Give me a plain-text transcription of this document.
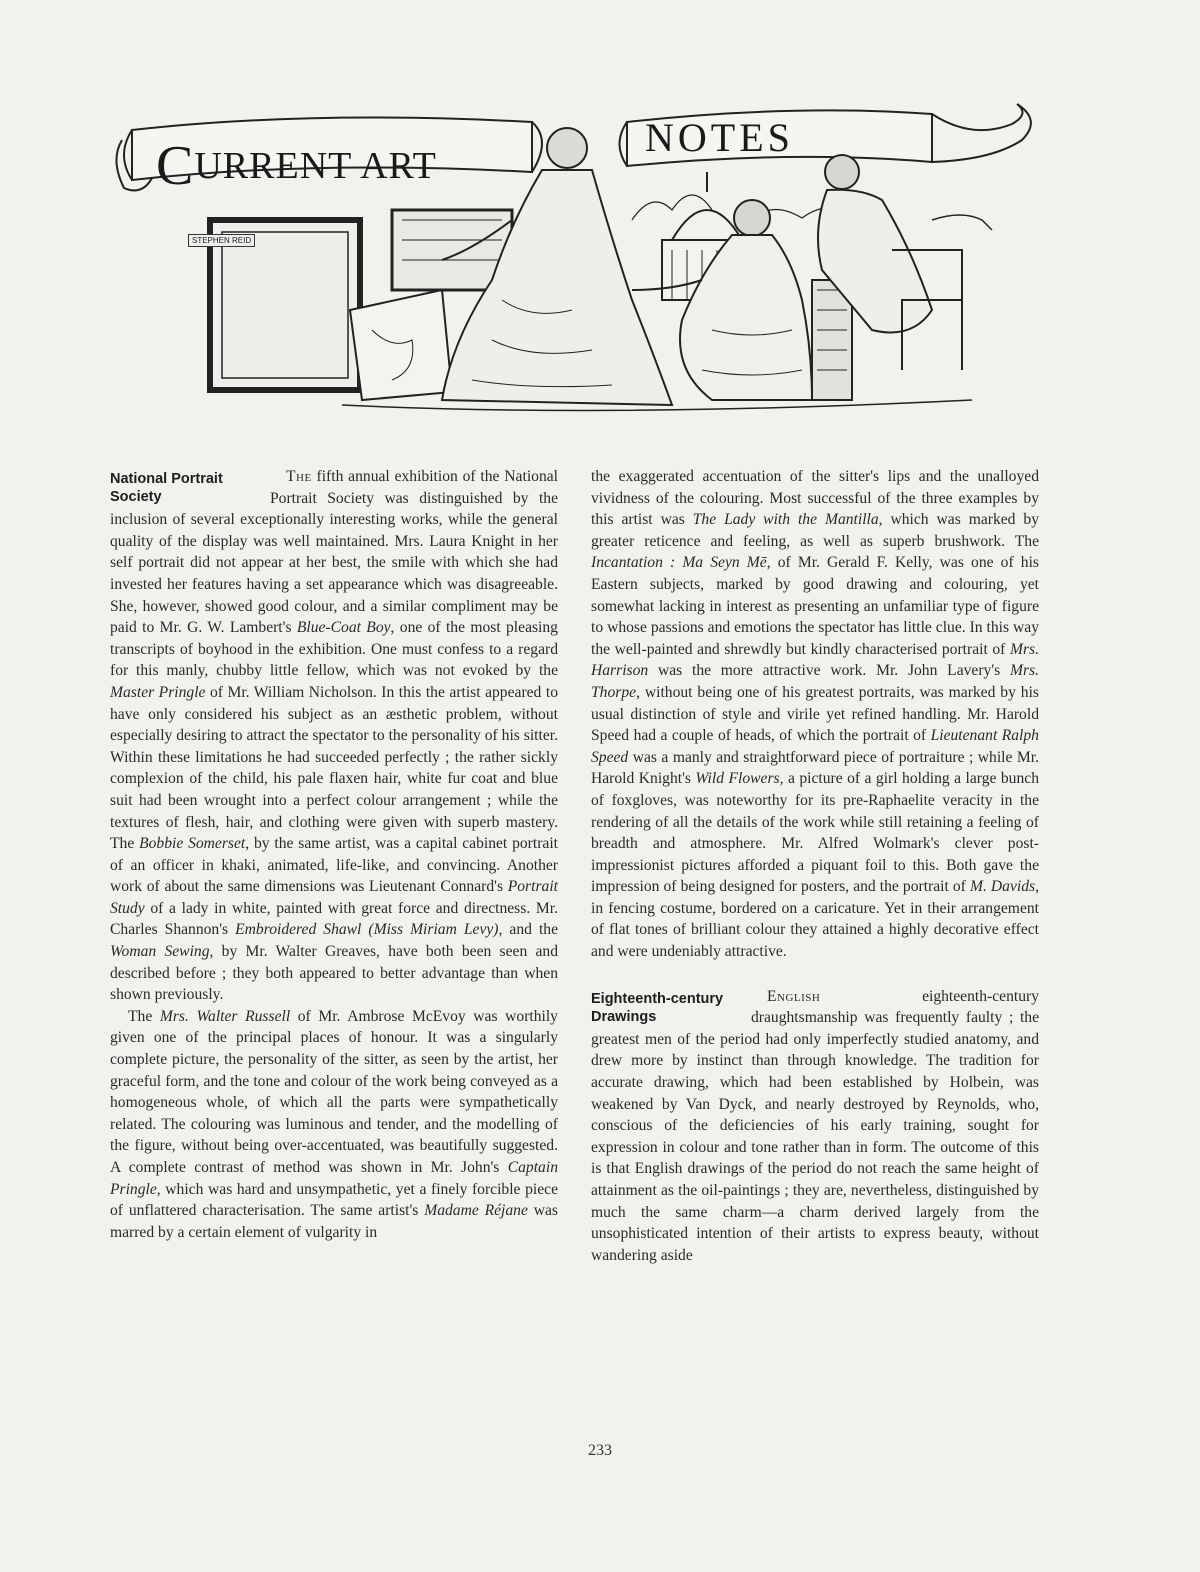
CURRENT ART
NOTES
STEPHEN REID

The
National Portrait Society
fifth annual exhibition of the National Portrait Society was distinguished by the inclusion of several exceptionally interesting works, while the general quality of the display was well maintained. Mrs. Laura Knight in her self portrait did not appear at her best, the smile with which she had invested her features having a set appearance which was disagreeable. She, however, showed good colour, and a similar compliment may be paid to Mr. G. W. Lambert's Blue-Coat Boy, one of the most pleasing transcripts of boyhood in the exhibition. One must confess to a regard for this manly, chubby little fellow, which was not evoked by the Master Pringle of Mr. William Nicholson. In this the artist appeared to have only considered his subject as an æsthetic problem, without especially desiring to attract the spectator to the personality of his sitter. Within these limitations he had succeeded perfectly ; the rather sickly complexion of the child, his pale flaxen hair, white fur coat and blue suit had been wrought into a perfect colour arrangement ; while the textures of flesh, hair, and clothing were given with superb mastery. The Bobbie Somerset, by the same artist, was a capital cabinet portrait of an officer in khaki, animated, life-like, and convincing. Another work of about the same dimensions was Lieutenant Connard's Portrait Study of a lady in white, painted with great force and directness. Mr. Charles Shannon's Embroidered Shawl (Miss Miriam Levy), and the Woman Sewing, by Mr. Walter Greaves, have both been seen and described before ; they both appeared to better advantage than when shown previously.

The Mrs. Walter Russell of Mr. Ambrose McEvoy was worthily given one of the principal places of honour. It was a singularly complete picture, the personality of the sitter, as seen by the artist, her graceful form, and the tone and colour of the work being conveyed as a homogeneous whole, of which all the parts were sympathetically related. The colouring was luminous and tender, and the modelling of the figure, without being over-accentuated, was beautifully suggested. A complete contrast of method was shown in Mr. John's Captain Pringle, which was hard and unsympathetic, yet a finely forcible piece of unflattered characterisation. The same artist's Madame Réjane was marred by a certain element of vulgarity in

the exaggerated accentuation of the sitter's lips and the unalloyed vividness of the colouring. Most successful of the three examples by this artist was The Lady with the Mantilla, which was marked by greater reticence and feeling, as well as superb brushwork. The Incantation : Ma Seyn Mē, of Mr. Gerald F. Kelly, was one of his Eastern subjects, marked by good drawing and colouring, yet somewhat lacking in interest as presenting an unfamiliar type of figure to whose passions and emotions the spectator has little clue. In this way the well-painted and shrewdly but kindly characterised portrait of Mrs. Harrison was the more attractive work. Mr. John Lavery's Mrs. Thorpe, without being one of his greatest portraits, was marked by his usual distinction of style and virile yet refined handling. Mr. Harold Speed had a couple of heads, of which the portrait of Lieutenant Ralph Speed was a manly and straightforward piece of portraiture ; while Mr. Harold Knight's Wild Flowers, a picture of a girl holding a large bunch of foxgloves, was noteworthy for its pre-Raphaelite veracity in the rendering of all the details of the work while still retaining a feeling of breadth and atmosphere. Mr. Alfred Wolmark's clever post-impressionist pictures afforded a piquant foil to this. Both gave the impression of being designed for posters, and the portrait of M. Davids, in fencing costume, bordered on a caricature. Yet in their arrangement of flat tones of brilliant colour they attained a highly decorative effect and were undeniably attractive.

English
Eighteenth-century Drawings
eighteenth-century draughtsmanship was frequently faulty ; the greatest men of the period had only imperfectly studied anatomy, and drew more by instinct than through knowledge. The tradition for accurate drawing, which had been established by Holbein, was weakened by Van Dyck, and nearly destroyed by Reynolds, who, conscious of the deficiencies of his early training, sought for expression in colour and tone rather than in form. The outcome of this is that English drawings of the period do not reach the same height of attainment as the oil-paintings ; they are, nevertheless, distinguished by much the same charm—a charm derived largely from the unsophisticated intention of their artists to express beauty, without wandering aside

233
